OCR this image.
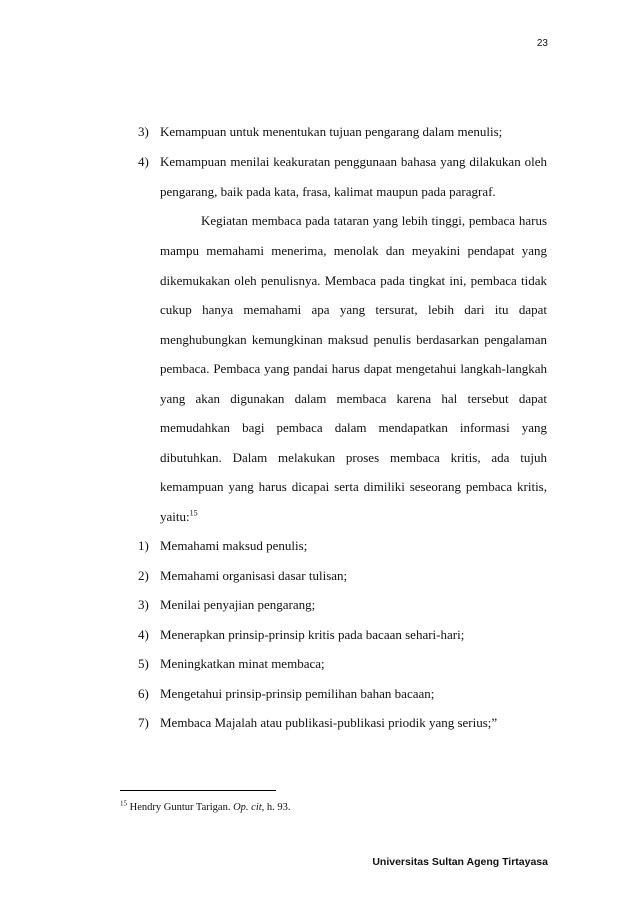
23
3) Kemampuan untuk menentukan tujuan pengarang dalam menulis;
4) Kemampuan menilai keakuratan penggunaan bahasa yang dilakukan oleh
pengarang, baik pada kata, frasa, kalimat maupun pada paragraf.
Kegiatan membaca pada tataran yang lebih tinggi, pembaca harus
mampu memahami menerima, menolak dan meyakini pendapat yang
dikemukakan oleh penulisnya. Membaca pada tingkat ini, pembaca tidak
cukup hanya memahami apa yang tersurat, lebih dari itu dapat
menghubungkan kemungkinan maksud penulis berdasarkan pengalaman
pembaca. Pembaca yang pandai harus dapat mengetahui langkah-langkah
yang akan digunakan dalam membaca karena hal tersebut dapat
memudahkan bagi pembaca dalam mendapatkan informasi yang
dibutuhkan. Dalam melakukan proses membaca kritis, ada tujuh
kemampuan yang harus dicapai serta dimiliki seseorang pembaca kritis,
yaitu:$^{15}$
1) Memahami maksud penulis;
2) Memahami organisasi dasar tulisan;
3) Menilai penyajian pengarang;
4) Menerapkan prinsip-prinsip kritis pada bacaan sehari-hari;
5) Meningkatkan minat membaca;
6) Mengetahui prinsip-prinsip pemilihan bahan bacaan;
7) Membaca Majalah atau publikasi-publikasi priodik yang serius;”
$^{15}$ Hendry Guntur Tarigan. Op. cit, h. 93.
Universitas Sultan Ageng Tirtayasa
